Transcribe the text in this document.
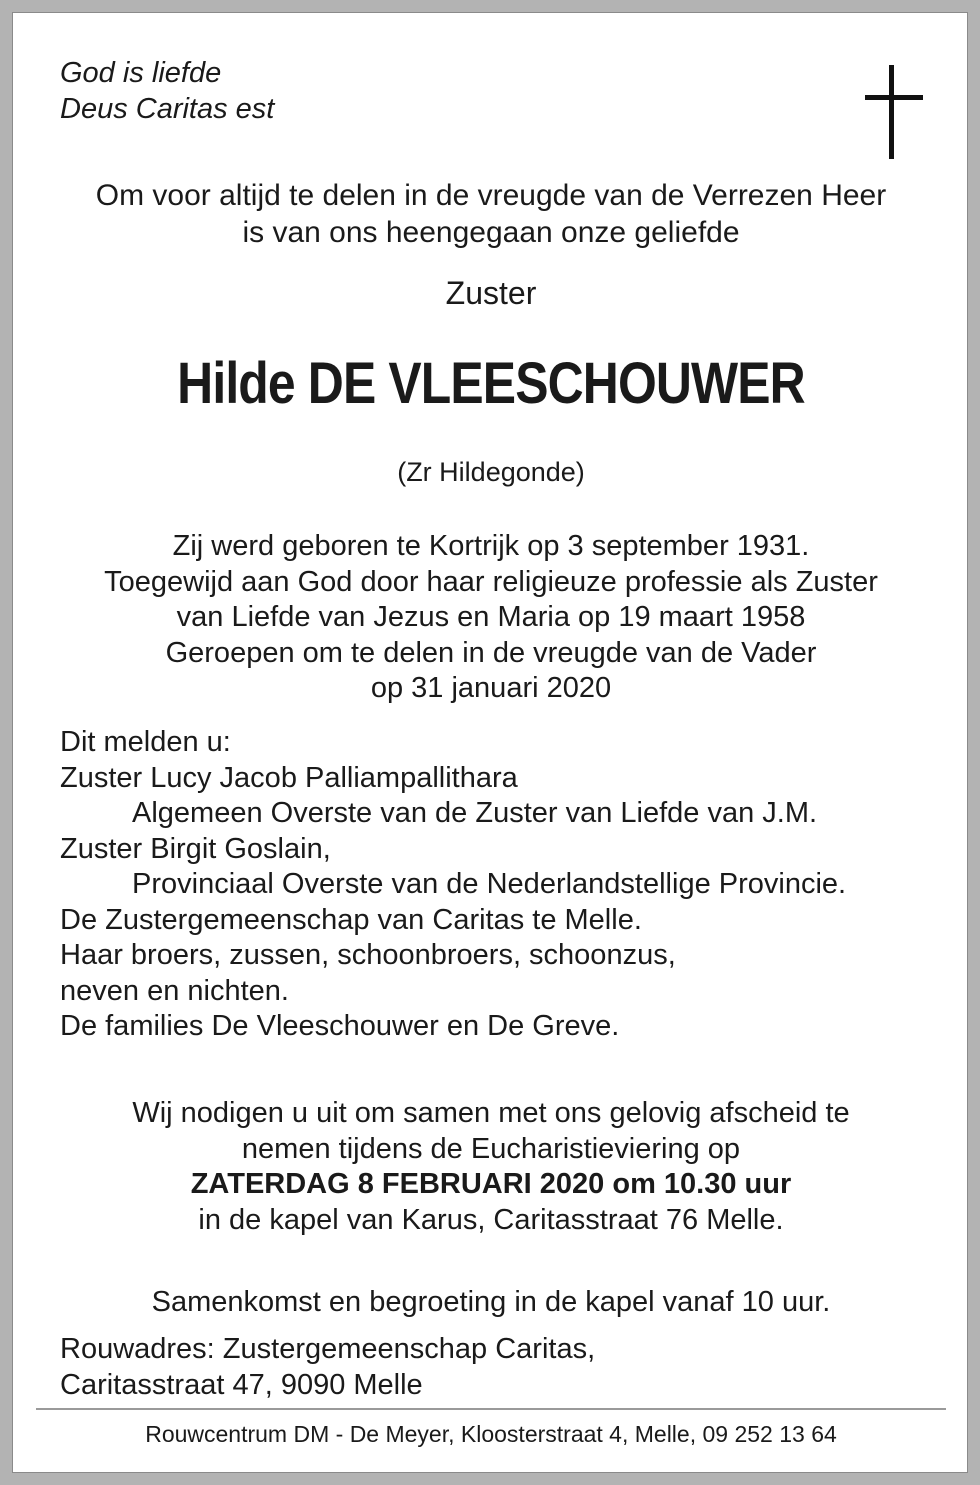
God is liefde
Deus Caritas est
Om voor altijd te delen in de vreugde van de Verrezen Heer
is van ons heengegaan onze geliefde
Zuster
Hilde DE VLEESCHOUWER
(Zr Hildegonde)
Zij werd geboren te Kortrijk op 3 september 1931.
Toegewijd aan God door haar religieuze professie als Zuster
van Liefde van Jezus en Maria op 19 maart 1958
Geroepen om te delen in de vreugde van de Vader
op 31 januari 2020
Dit melden u:
Zuster Lucy Jacob Palliampallithara
Algemeen Overste van de Zuster van Liefde van J.M.
Zuster Birgit Goslain,
Provinciaal Overste van de Nederlandstellige Provincie.
De Zustergemeenschap van Caritas te Melle.
Haar broers, zussen, schoonbroers, schoonzus,
neven en nichten.
De families De Vleeschouwer en De Greve.
Wij nodigen u uit om samen met ons gelovig afscheid te
nemen tijdens de Eucharistieviering op
ZATERDAG 8 FEBRUARI 2020 om 10.30 uur
in de kapel van Karus, Caritasstraat 76 Melle.
Samenkomst en begroeting in de kapel vanaf 10 uur.
Rouwadres: Zustergemeenschap Caritas,
Caritasstraat 47, 9090 Melle
Rouwcentrum DM - De Meyer, Kloosterstraat 4, Melle, 09 252 13 64
